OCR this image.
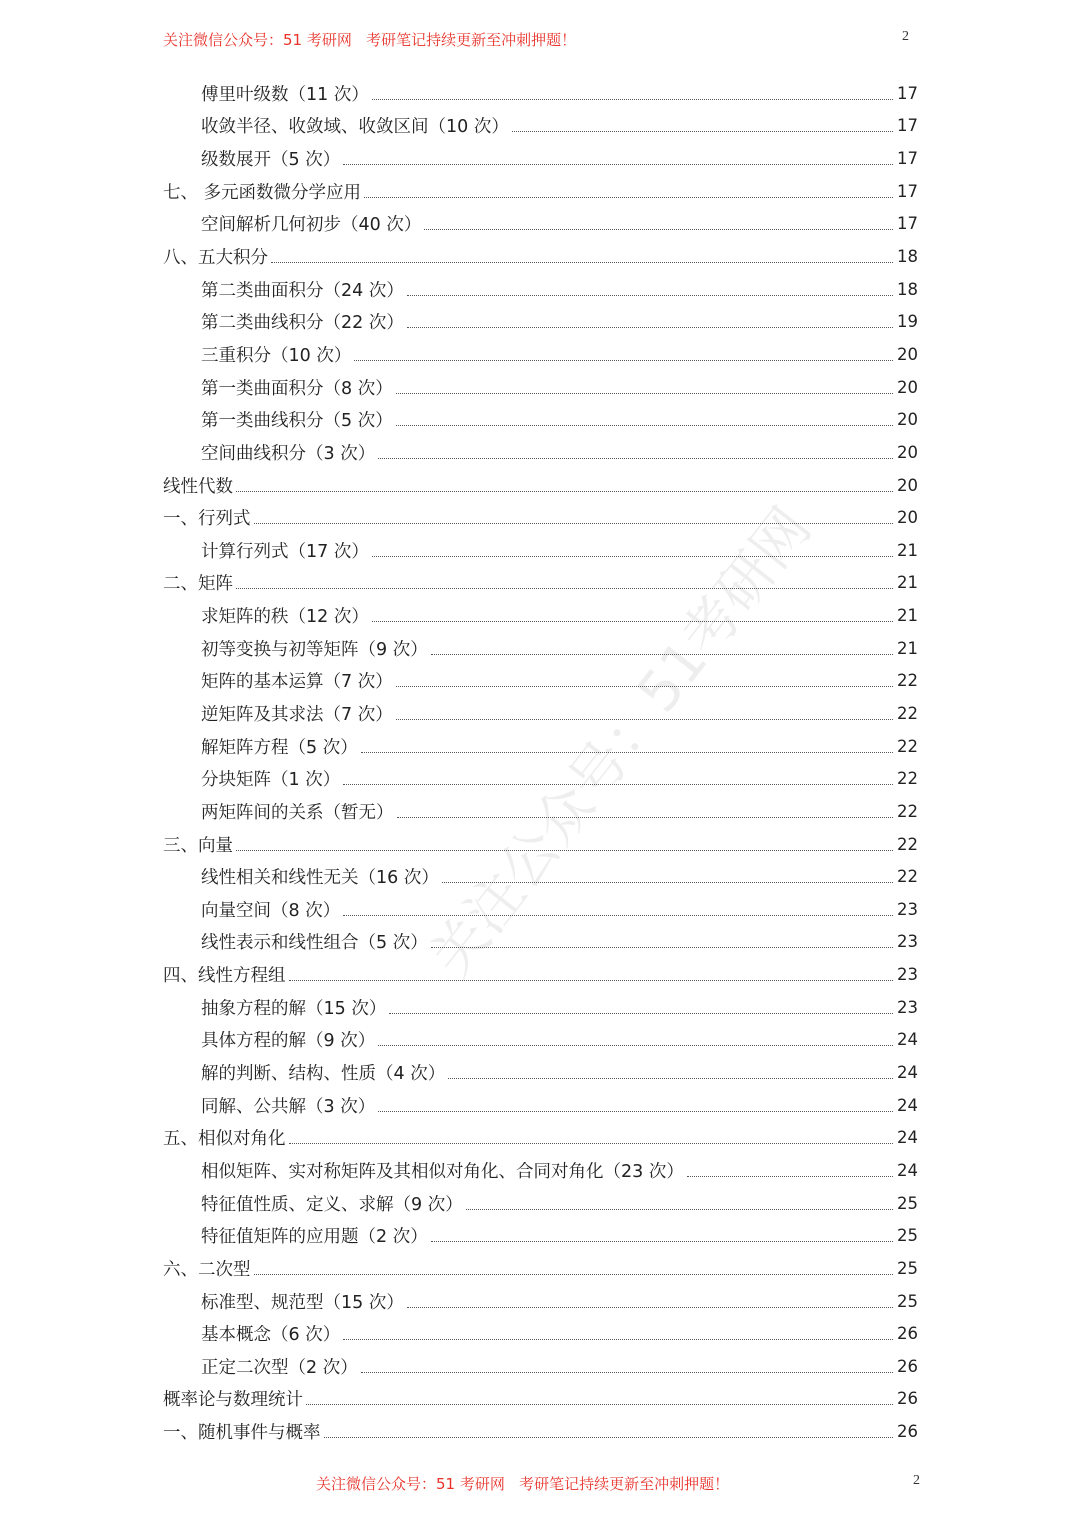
关注微信公众号：51 考研网   考研笔记持续更新至冲刺押题！	2
关注公众号：51考研网
傅里叶级数（11 次）	17
收敛半径、收敛域、收敛区间（10 次）	17
级数展开（5 次）	17
七、 多元函数微分学应用	17
空间解析几何初步（40 次）	17
八、五大积分	18
第二类曲面积分（24 次）	18
第二类曲线积分（22 次）	19
三重积分（10 次）	20
第一类曲面积分（8 次）	20
第一类曲线积分（5 次）	20
空间曲线积分（3 次）	20
线性代数	20
一、行列式	20
计算行列式（17 次）	21
二、矩阵	21
求矩阵的秩（12 次）	21
初等变换与初等矩阵（9 次）	21
矩阵的基本运算（7 次）	22
逆矩阵及其求法（7 次）	22
解矩阵方程（5 次）	22
分块矩阵（1 次）	22
两矩阵间的关系（暂无）	22
三、向量	22
线性相关和线性无关（16 次）	22
向量空间（8 次）	23
线性表示和线性组合（5 次）	23
四、线性方程组	23
抽象方程的解（15 次）	23
具体方程的解（9 次）	24
解的判断、结构、性质（4 次）	24
同解、公共解（3 次）	24
五、相似对角化	24
相似矩阵、实对称矩阵及其相似对角化、合同对角化（23 次）	24
特征值性质、定义、求解（9 次）	25
特征值矩阵的应用题（2 次）	25
六、二次型	25
标准型、规范型（15 次）	25
基本概念（6 次）	26
正定二次型（2 次）	26
概率论与数理统计	26
一、随机事件与概率	26
关注微信公众号：51 考研网   考研笔记持续更新至冲刺押题！	2
